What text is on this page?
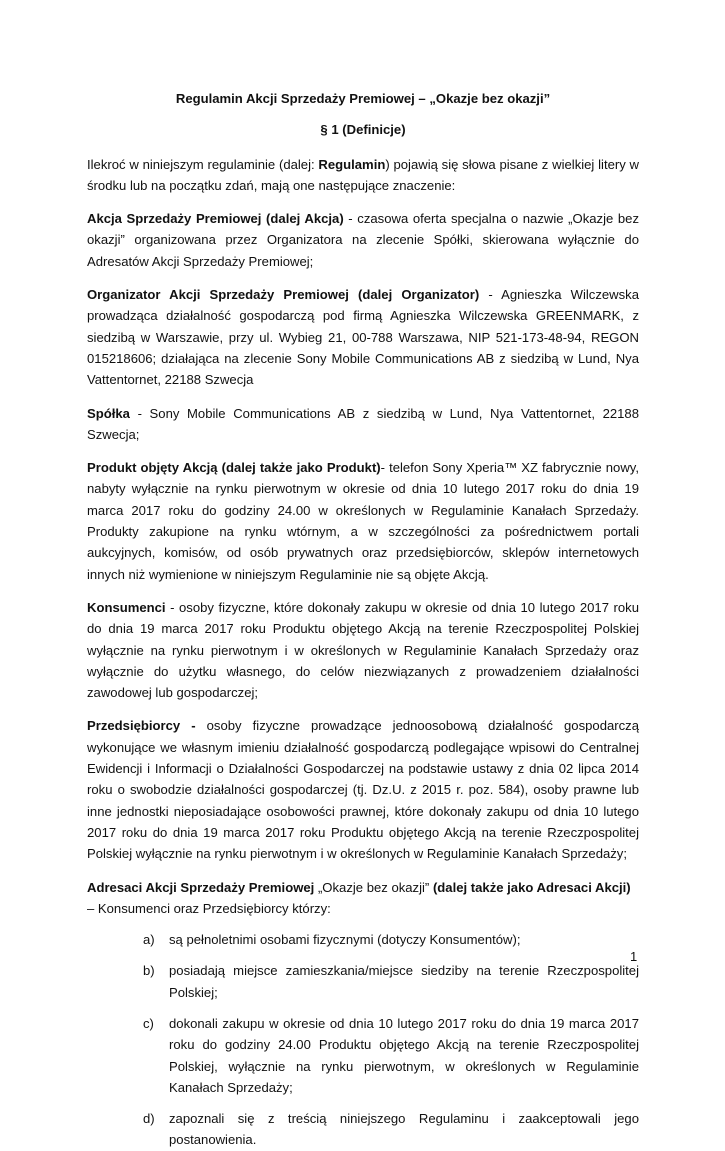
Regulamin Akcji Sprzedaży Premiowej – „Okazje bez okazji”

§ 1 (Definicje)

Ilekroć w niniejszym regulaminie (dalej: Regulamin) pojawią się słowa pisane z wielkiej litery w środku lub na początku zdań, mają one następujące znaczenie:

Akcja Sprzedaży Premiowej (dalej Akcja) - czasowa oferta specjalna o nazwie „Okazje bez okazji” organizowana przez Organizatora na zlecenie Spółki, skierowana wyłącznie do Adresatów Akcji Sprzedaży Premiowej;

Organizator Akcji Sprzedaży Premiowej (dalej Organizator) - Agnieszka Wilczewska prowadząca działalność gospodarczą pod firmą Agnieszka Wilczewska GREENMARK, z siedzibą w Warszawie, przy ul. Wybieg 21, 00-788 Warszawa, NIP 521-173-48-94, REGON 015218606; działająca na zlecenie Sony Mobile Communications AB z siedzibą w Lund, Nya Vattentornet, 22188 Szwecja

Spółka - Sony Mobile Communications AB z siedzibą w Lund, Nya Vattentornet, 22188 Szwecja;

Produkt objęty Akcją (dalej także jako Produkt)- telefon Sony Xperia™ XZ fabrycznie nowy, nabyty wyłącznie na rynku pierwotnym w okresie od dnia 10 lutego 2017 roku do dnia 19 marca 2017 roku do godziny 24.00 w określonych w Regulaminie Kanałach Sprzedaży. Produkty zakupione na rynku wtórnym, a w szczególności za pośrednictwem portali aukcyjnych, komisów, od osób prywatnych oraz przedsiębiorców, sklepów internetowych innych niż wymienione w niniejszym Regulaminie nie są objęte Akcją.

Konsumenci - osoby fizyczne, które dokonały zakupu w okresie od dnia 10 lutego 2017 roku do dnia 19 marca 2017 roku Produktu objętego Akcją na terenie Rzeczpospolitej Polskiej wyłącznie na rynku pierwotnym i w określonych w Regulaminie Kanałach Sprzedaży oraz wyłącznie do użytku własnego, do celów niezwiązanych z prowadzeniem działalności zawodowej lub gospodarczej;

Przedsiębiorcy - osoby fizyczne prowadzące jednoosobową działalność gospodarczą wykonujące we własnym imieniu działalność gospodarczą podlegające wpisowi do Centralnej Ewidencji i Informacji o Działalności Gospodarczej na podstawie ustawy z dnia 02 lipca 2014 roku o swobodzie działalności gospodarczej (tj. Dz.U. z 2015 r. poz. 584), osoby prawne lub inne jednostki nieposiadające osobowości prawnej, które dokonały zakupu od dnia 10 lutego 2017 roku do dnia 19 marca 2017 roku Produktu objętego Akcją na terenie Rzeczpospolitej Polskiej wyłącznie na rynku pierwotnym i w określonych w Regulaminie Kanałach Sprzedaży;

Adresaci Akcji Sprzedaży Premiowej „Okazje bez okazji” (dalej także jako Adresaci Akcji) – Konsumenci oraz Przedsiębiorcy którzy:

a) są pełnoletnimi osobami fizycznymi (dotyczy Konsumentów);
b) posiadają miejsce zamieszkania/miejsce siedziby na terenie Rzeczpospolitej Polskiej;
c) dokonali zakupu w okresie od dnia 10 lutego 2017 roku do dnia 19 marca 2017 roku do godziny 24.00 Produktu objętego Akcją na terenie Rzeczpospolitej Polskiej, wyłącznie na rynku pierwotnym, w określonych w Regulaminie Kanałach Sprzedaży;
d) zapoznali się z treścią niniejszego Regulaminu i zaakceptowali jego postanowienia.
1
